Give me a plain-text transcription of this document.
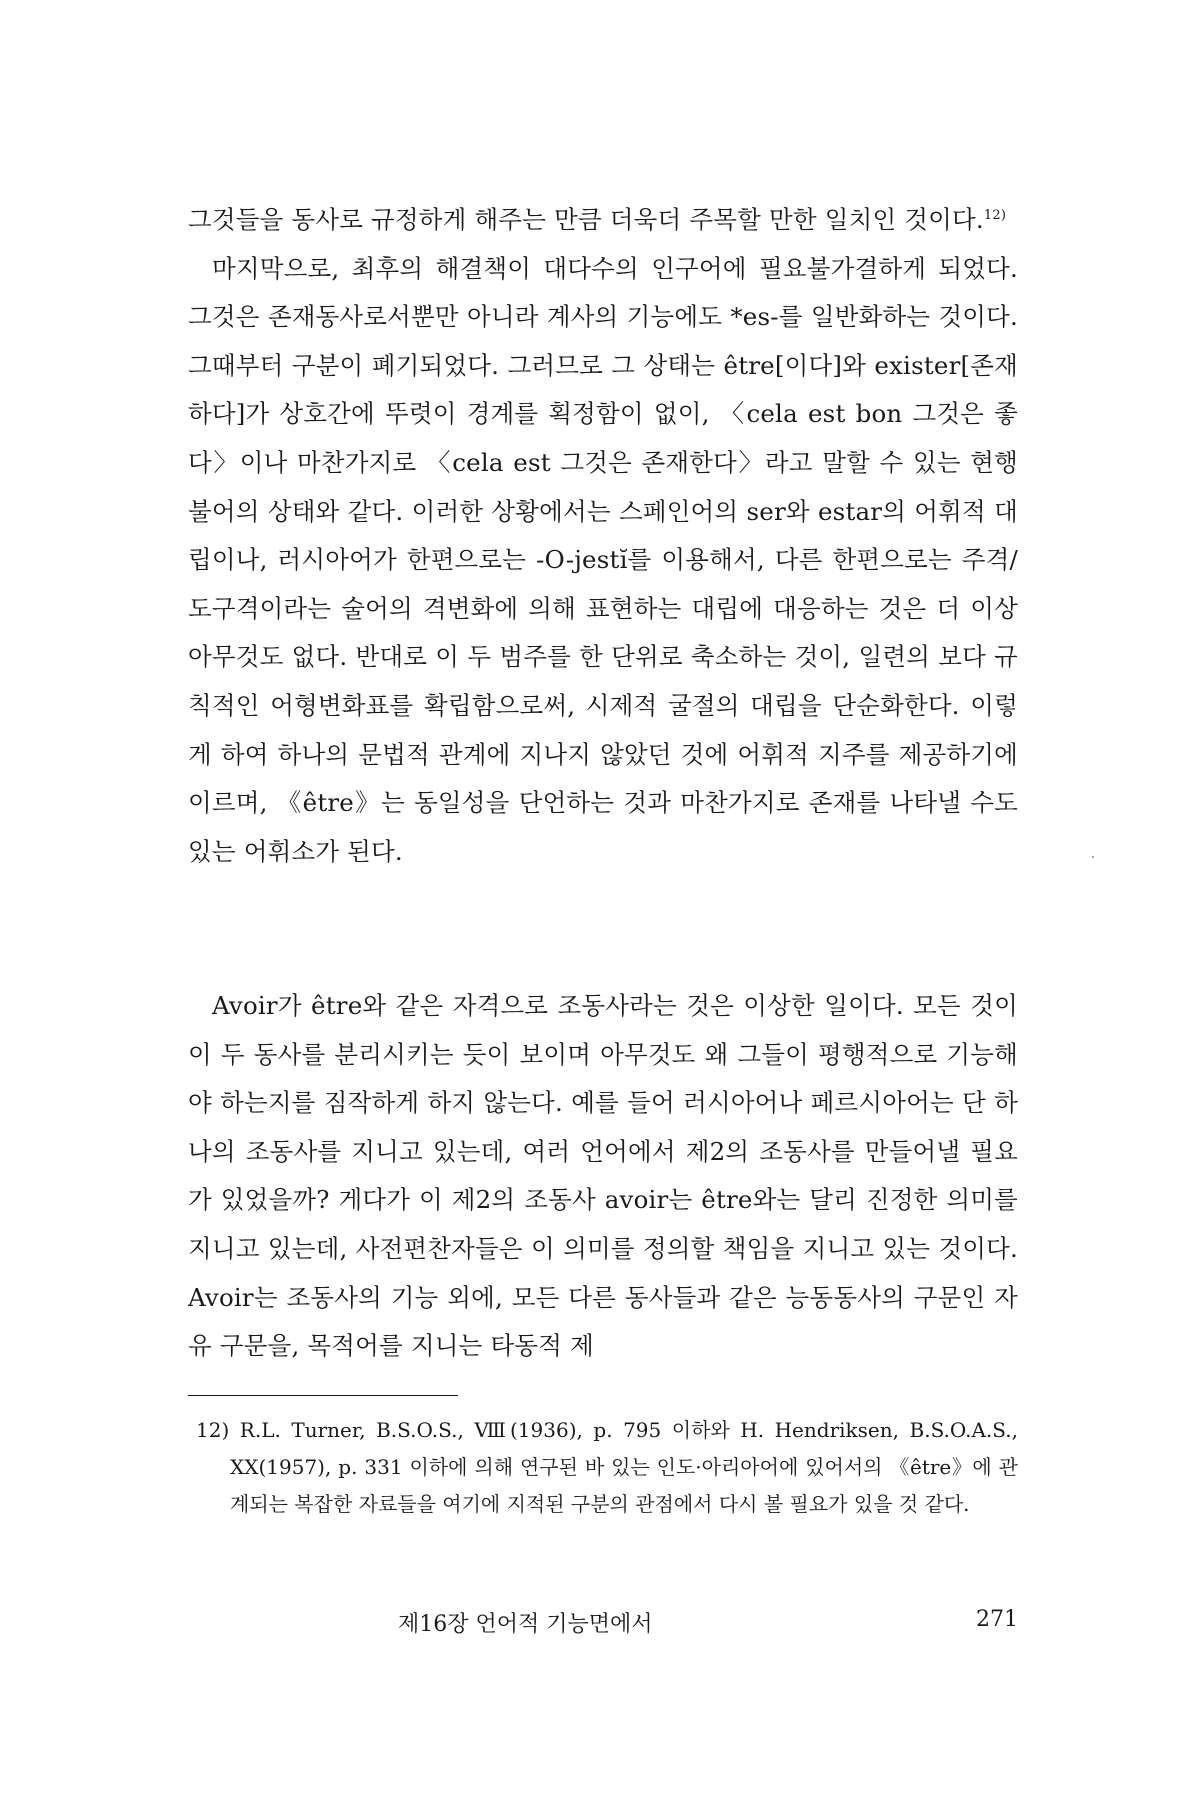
그것들을 동사로 규정하게 해주는 만큼 더욱더 주목할 만한 일치인 것이다.$^{12)}$

마지막으로, 최후의 해결책이 대다수의 인구어에 필요불가결하게 되었다. 그것은 존재동사로서뿐만 아니라 계사의 기능에도 *es-를 일반화하는 것이다. 그때부터 구분이 폐기되었다. 그러므로 그 상태는 être[이다]와 exister[존재하다]가 상호간에 뚜렷이 경계를 획정함이 없이, 〈cela est bon 그것은 좋다〉이나 마찬가지로 〈cela est 그것은 존재한다〉라고 말할 수 있는 현행 불어의 상태와 같다. 이러한 상황에서는 스페인어의 ser와 estar의 어휘적 대립이나, 러시아어가 한편으로는 -O-jestĭ를 이용해서, 다른 한편으로는 주격/도구격이라는 술어의 격변화에 의해 표현하는 대립에 대응하는 것은 더 이상 아무것도 없다. 반대로 이 두 범주를 한 단위로 축소하는 것이, 일련의 보다 규칙적인 어형변화표를 확립함으로써, 시제적 굴절의 대립을 단순화한다. 이렇게 하여 하나의 문법적 관계에 지나지 않았던 것에 어휘적 지주를 제공하기에 이르며, 《être》는 동일성을 단언하는 것과 마찬가지로 존재를 나타낼 수도 있는 어휘소가 된다.

Avoir가 être와 같은 자격으로 조동사라는 것은 이상한 일이다. 모든 것이 이 두 동사를 분리시키는 듯이 보이며 아무것도 왜 그들이 평행적으로 기능해야 하는지를 짐작하게 하지 않는다. 예를 들어 러시아어나 페르시아어는 단 하나의 조동사를 지니고 있는데, 여러 언어에서 제2의 조동사를 만들어낼 필요가 있었을까? 게다가 이 제2의 조동사 avoir는 être와는 달리 진정한 의미를 지니고 있는데, 사전편찬자들은 이 의미를 정의할 책임을 지니고 있는 것이다. Avoir는 조동사의 기능 외에, 모든 다른 동사들과 같은 능동동사의 구문인 자유 구문을, 목적어를 지니는 타동적 제

12) R.L. Turner, B.S.O.S., Ⅷ(1936), p. 795 이하와 H. Hendriksen, B.S.O.A.S., XX(1957), p. 331 이하에 의해 연구된 바 있는 인도·아리아어에 있어서의 《être》에 관계되는 복잡한 자료들을 여기에 지적된 구분의 관점에서 다시 볼 필요가 있을 것 같다.
제16장 언어적 기능면에서	271
